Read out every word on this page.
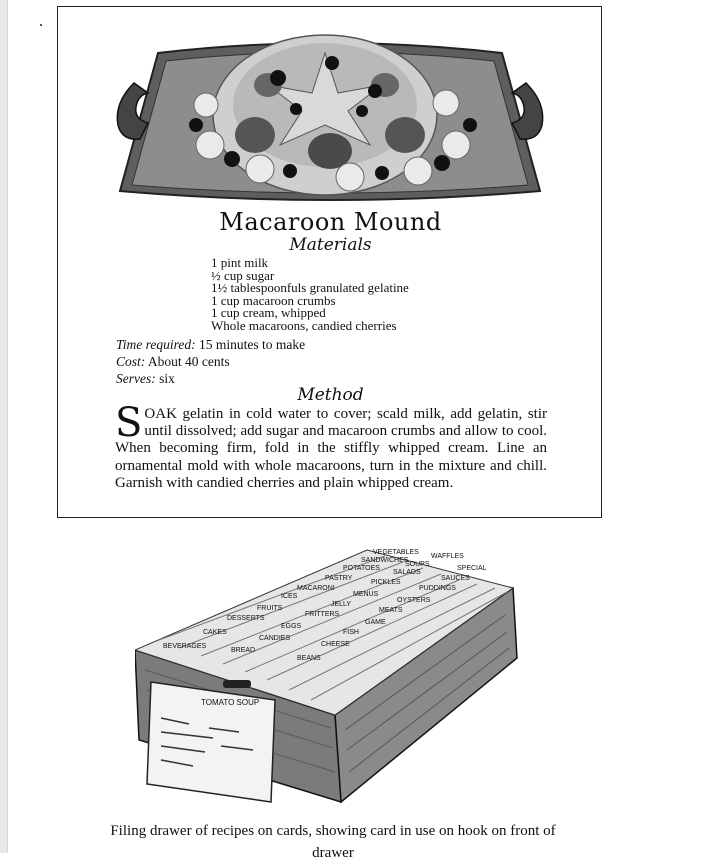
Macaroon Mound
Materials
1 pint milk
½ cup sugar
1½ tablespoonfuls granulated gelatine
1 cup macaroon crumbs
1 cup cream, whipped
Whole macaroons, candied cherries
Time required: 15 minutes to make
Cost: About 40 cents
Serves: six
Method
SOAK gelatin in cold water to cover; scald milk, add gelatin, stir until dissolved; add sugar and macaroon crumbs and allow to cool. When becoming firm, fold in the stiffly whipped cream. Line an ornamental mold with whole macaroons, turn in the mixture and chill. Garnish with candied cherries and plain whipped cream.
VEGETABLES
WAFFLES
SANDWICHES
SOUPS
SPECIAL
POTATOES
SALADS
SAUCES
PASTRY
PICKLES
PUDDINGS
MACARONI
MENUS
OYSTERS
ICES
JELLY
MEATS
FRUITS
FRITTERS
GAME
DESSERTS
EGGS
FISH
CAKES
CANDIES
CHEESE
BEVERAGES
BREAD
BEANS
TOMATO SOUP
Filing drawer of recipes on cards, showing card in use on hook on front of drawer
